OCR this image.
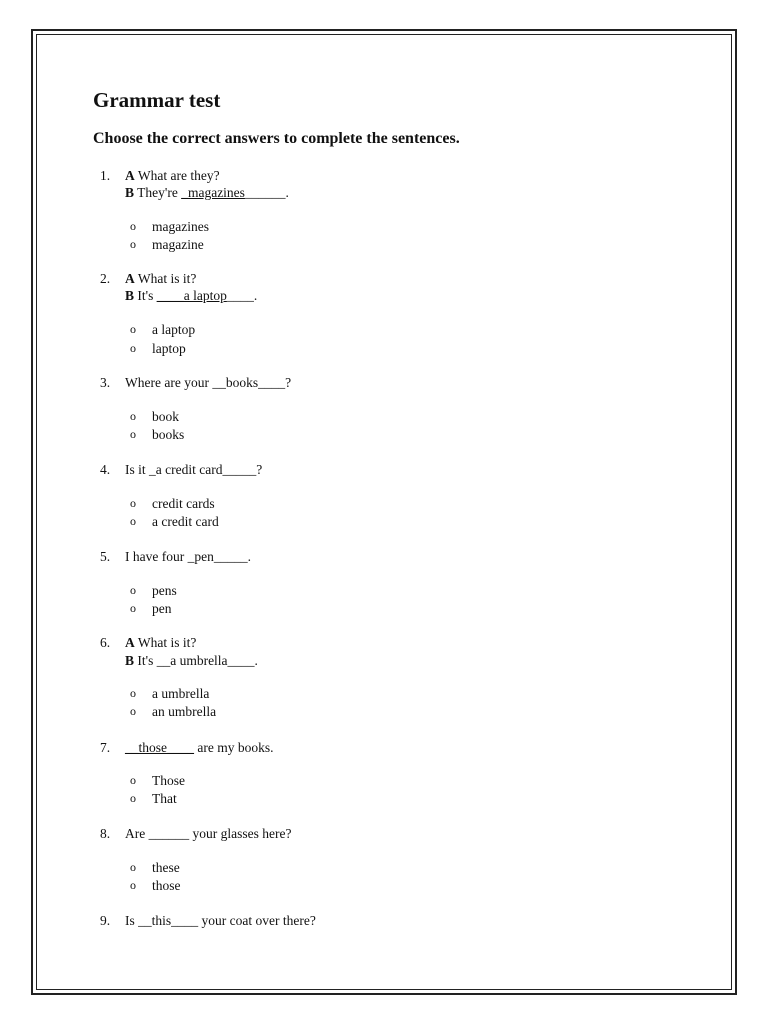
Grammar test
Choose the correct answers to complete the sentences.
1.	A What are they?
B They're _magazines______.
o magazines
o magazine
2.	A What is it?
B It's ____a laptop____.
o a laptop
o laptop
3.	Where are your __books____?
o book
o books
4.	Is it _a credit card_____?
o credit cards
o a credit card
5.	I have four _pen_____.
o pens
o pen
6.	A What is it?
B It's __a umbrella____.
o a umbrella
o an umbrella
7.	__those____ are my books.
o Those
o That
8.	Are ______ your glasses here?
o these
o those
9.	Is __this____ your coat over there?
